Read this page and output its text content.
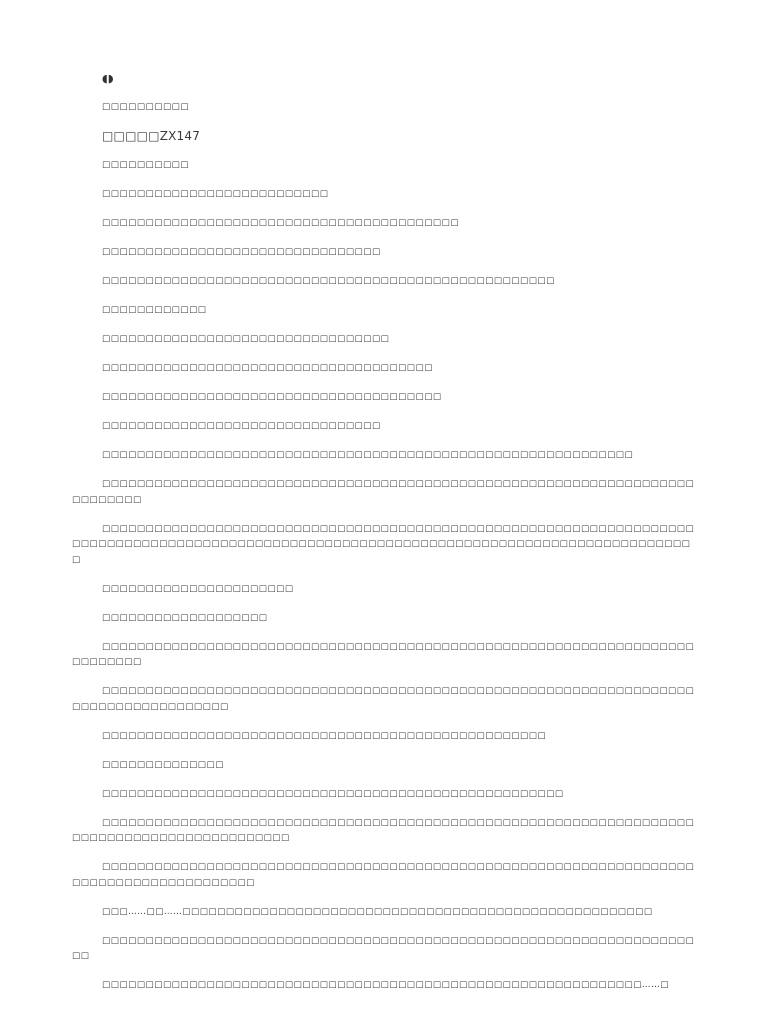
◖◗

□□□□□□□□□□

□□□□□ZX147

□□□□□□□□□□

□□□□□□□□□□□□□□□□□□□□□□□□□□

□□□□□□□□□□□□□□□□□□□□□□□□□□□□□□□□□□□□□□□□□

□□□□□□□□□□□□□□□□□□□□□□□□□□□□□□□□

□□□□□□□□□□□□□□□□□□□□□□□□□□□□□□□□□□□□□□□□□□□□□□□□□□□□

□□□□□□□□□□□□

□□□□□□□□□□□□□□□□□□□□□□□□□□□□□□□□□

□□□□□□□□□□□□□□□□□□□□□□□□□□□□□□□□□□□□□□

□□□□□□□□□□□□□□□□□□□□□□□□□□□□□□□□□□□□□□□

□□□□□□□□□□□□□□□□□□□□□□□□□□□□□□□□

□□□□□□□□□□□□□□□□□□□□□□□□□□□□□□□□□□□□□□□□□□□□□□□□□□□□□□□□□□□□□

□□□□□□□□□□□□□□□□□□□□□□□□□□□□□□□□□□□□□□□□□□□□□□□□□□□□□□□□□□□□□□□□□□□□□□□□□□□□

□□□□□□□□□□□□□□□□□□□□□□□□□□□□□□□□□□□□□□□□□□□□□□□□□□□□□□□□□□□□□□□□□□□□□□□□□□□□□□□□□□□□□□□□□□□□□□□□□□□□□□□□□□□□□□□□□□□□□□□□□□□□□□□□□□□□□□□□□□□□

□□□□□□□□□□□□□□□□□□□□□□

□□□□□□□□□□□□□□□□□□□

□□□□□□□□□□□□□□□□□□□□□□□□□□□□□□□□□□□□□□□□□□□□□□□□□□□□□□□□□□□□□□□□□□□□□□□□□□□□

□□□□□□□□□□□□□□□□□□□□□□□□□□□□□□□□□□□□□□□□□□□□□□□□□□□□□□□□□□□□□□□□□□□□□□□□□□□□□□□□□□□□□□

□□□□□□□□□□□□□□□□□□□□□□□□□□□□□□□□□□□□□□□□□□□□□□□□□□□

□□□□□□□□□□□□□□

□□□□□□□□□□□□□□□□□□□□□□□□□□□□□□□□□□□□□□□□□□□□□□□□□□□□□

□□□□□□□□□□□□□□□□□□□□□□□□□□□□□□□□□□□□□□□□□□□□□□□□□□□□□□□□□□□□□□□□□□□□□□□□□□□□□□□□□□□□□□□□□□□□□

□□□□□□□□□□□□□□□□□□□□□□□□□□□□□□□□□□□□□□□□□□□□□□□□□□□□□□□□□□□□□□□□□□□□□□□□□□□□□□□□□□□□□□□□□

□□□……□□……□□□□□□□□□□□□□□□□□□□□□□□□□□□□□□□□□□□□□□□□□□□□□□□□□□□□□□

□□□□□□□□□□□□□□□□□□□□□□□□□□□□□□□□□□□□□□□□□□□□□□□□□□□□□□□□□□□□□□□□□□□□□□

□□□□□□□□□□□□□□□□□□□□□□□□□□□□□□□□□□□□□□□□□□□□□□□□□□□□□□□□□□□□□□……□
